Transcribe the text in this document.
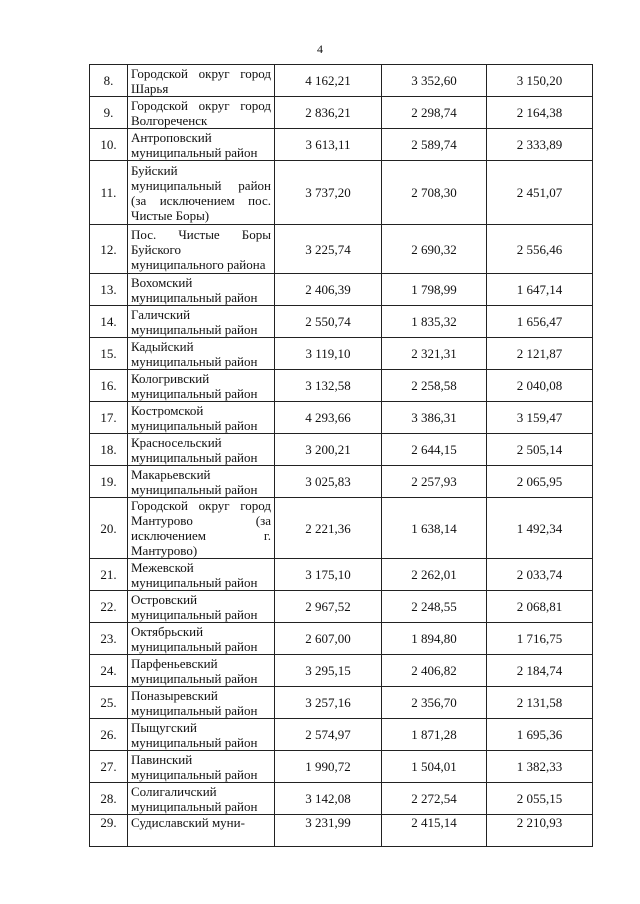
4
8.	Городской округ город Шарья	4 162,21	3 352,60	3 150,20
9.	Городской округ город Волгореченск	2 836,21	2 298,74	2 164,38
10.	Антроповский муниципальный район	3 613,11	2 589,74	2 333,89
11.	Буйский муниципальный район (за исключением пос. Чистые Боры)	3 737,20	2 708,30	2 451,07
12.	Пос. Чистые Боры Буйского муниципального района	3 225,74	2 690,32	2 556,46
13.	Вохомский муниципальный район	2 406,39	1 798,99	1 647,14
14.	Галичский муниципальный район	2 550,74	1 835,32	1 656,47
15.	Кадыйский муниципальный район	3 119,10	2 321,31	2 121,87
16.	Кологривский муниципальный район	3 132,58	2 258,58	2 040,08
17.	Костромской муниципальный район	4 293,66	3 386,31	3 159,47
18.	Красносельский муниципальный район	3 200,21	2 644,15	2 505,14
19.	Макарьевский муниципальный район	3 025,83	2 257,93	2 065,95
20.	Городской округ город Мантурово (за исключением г. Мантурово)	2 221,36	1 638,14	1 492,34
21.	Межевской муниципальный район	3 175,10	2 262,01	2 033,74
22.	Островский муниципальный район	2 967,52	2 248,55	2 068,81
23.	Октябрьский муниципальный район	2 607,00	1 894,80	1 716,75
24.	Парфеньевский муниципальный район	3 295,15	2 406,82	2 184,74
25.	Поназыревский муниципальный район	3 257,16	2 356,70	2 131,58
26.	Пыщугский муниципальный район	2 574,97	1 871,28	1 695,36
27.	Павинский муниципальный район	1 990,72	1 504,01	1 382,33
28.	Солигаличский муниципальный район	3 142,08	2 272,54	2 055,15
29.	Судиславский муни-	3 231,99	2 415,14	2 210,93
